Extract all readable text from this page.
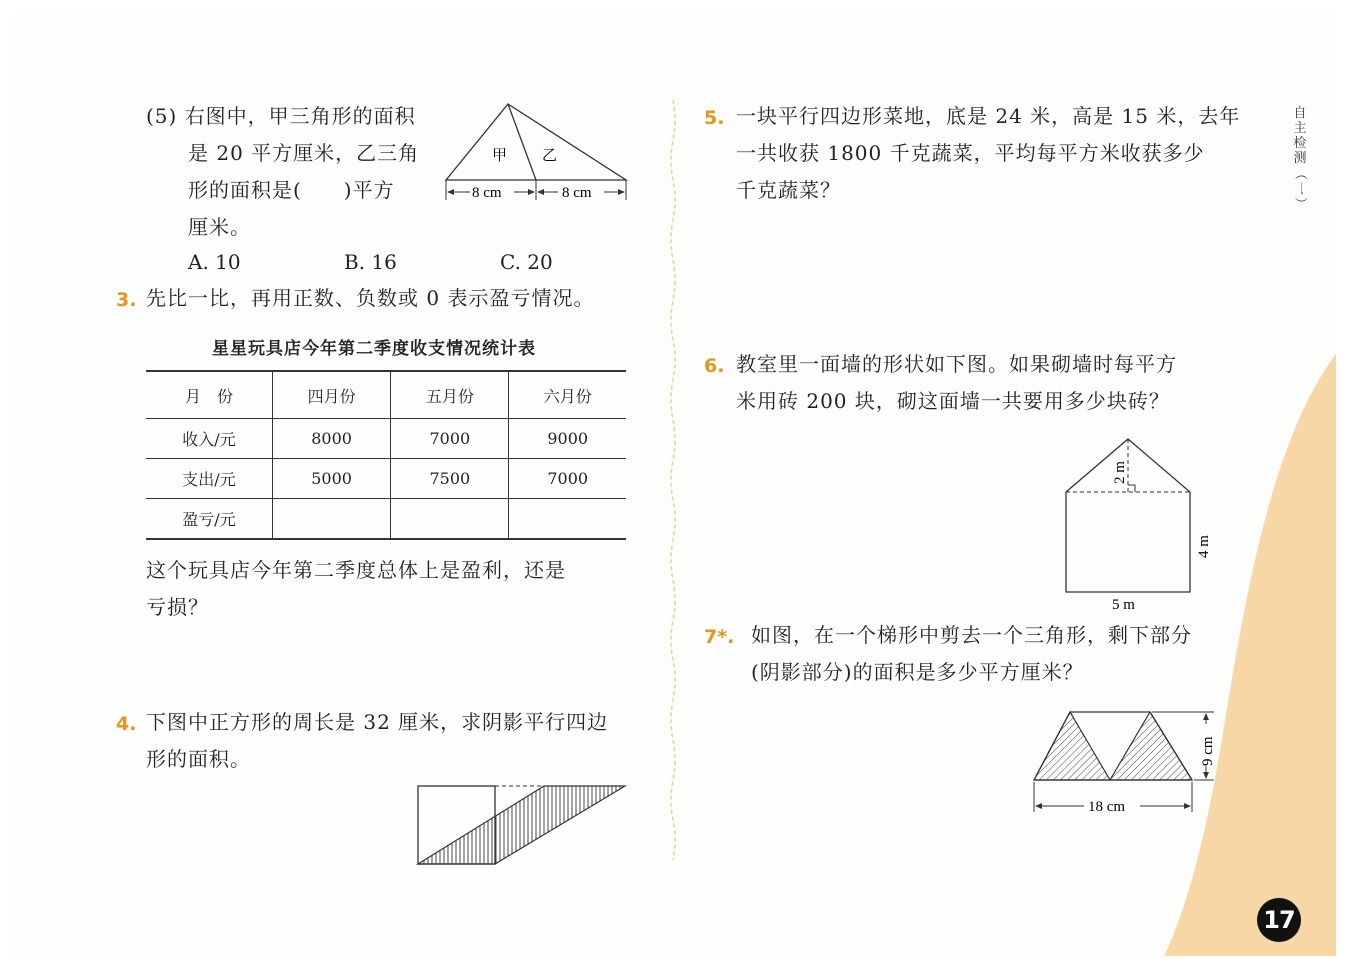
(5) 右图中，甲三角形的面积
是 20 平方厘米，乙三角
形的面积是(　　)平方
厘米。
A. 10	B. 16	C. 20
甲 乙
8 cm	8 cm
3. 先比一比，再用正数、负数或 0 表示盈亏情况。
星星玩具店今年第二季度收支情况统计表
月　份	四月份	五月份	六月份
收入/元	8000	7000	9000
支出/元	5000	7500	7000
盈亏/元			
这个玩具店今年第二季度总体上是盈利，还是
亏损？
4. 下图中正方形的周长是 32 厘米，求阴影平行四边
形的面积。
5. 一块平行四边形菜地，底是 24 米，高是 15 米，去年
一共收获 1800 千克蔬菜，平均每平方米收获多少
千克蔬菜？
6. 教室里一面墙的形状如下图。如果砌墙时每平方
米用砖 200 块，砌这面墙一共要用多少块砖？
2 m
4 m
5 m
7*. 如图，在一个梯形中剪去一个三角形，剩下部分
(阴影部分)的面积是多少平方厘米？
9 cm
18 cm
自
主
检
测
（
一
）
17
